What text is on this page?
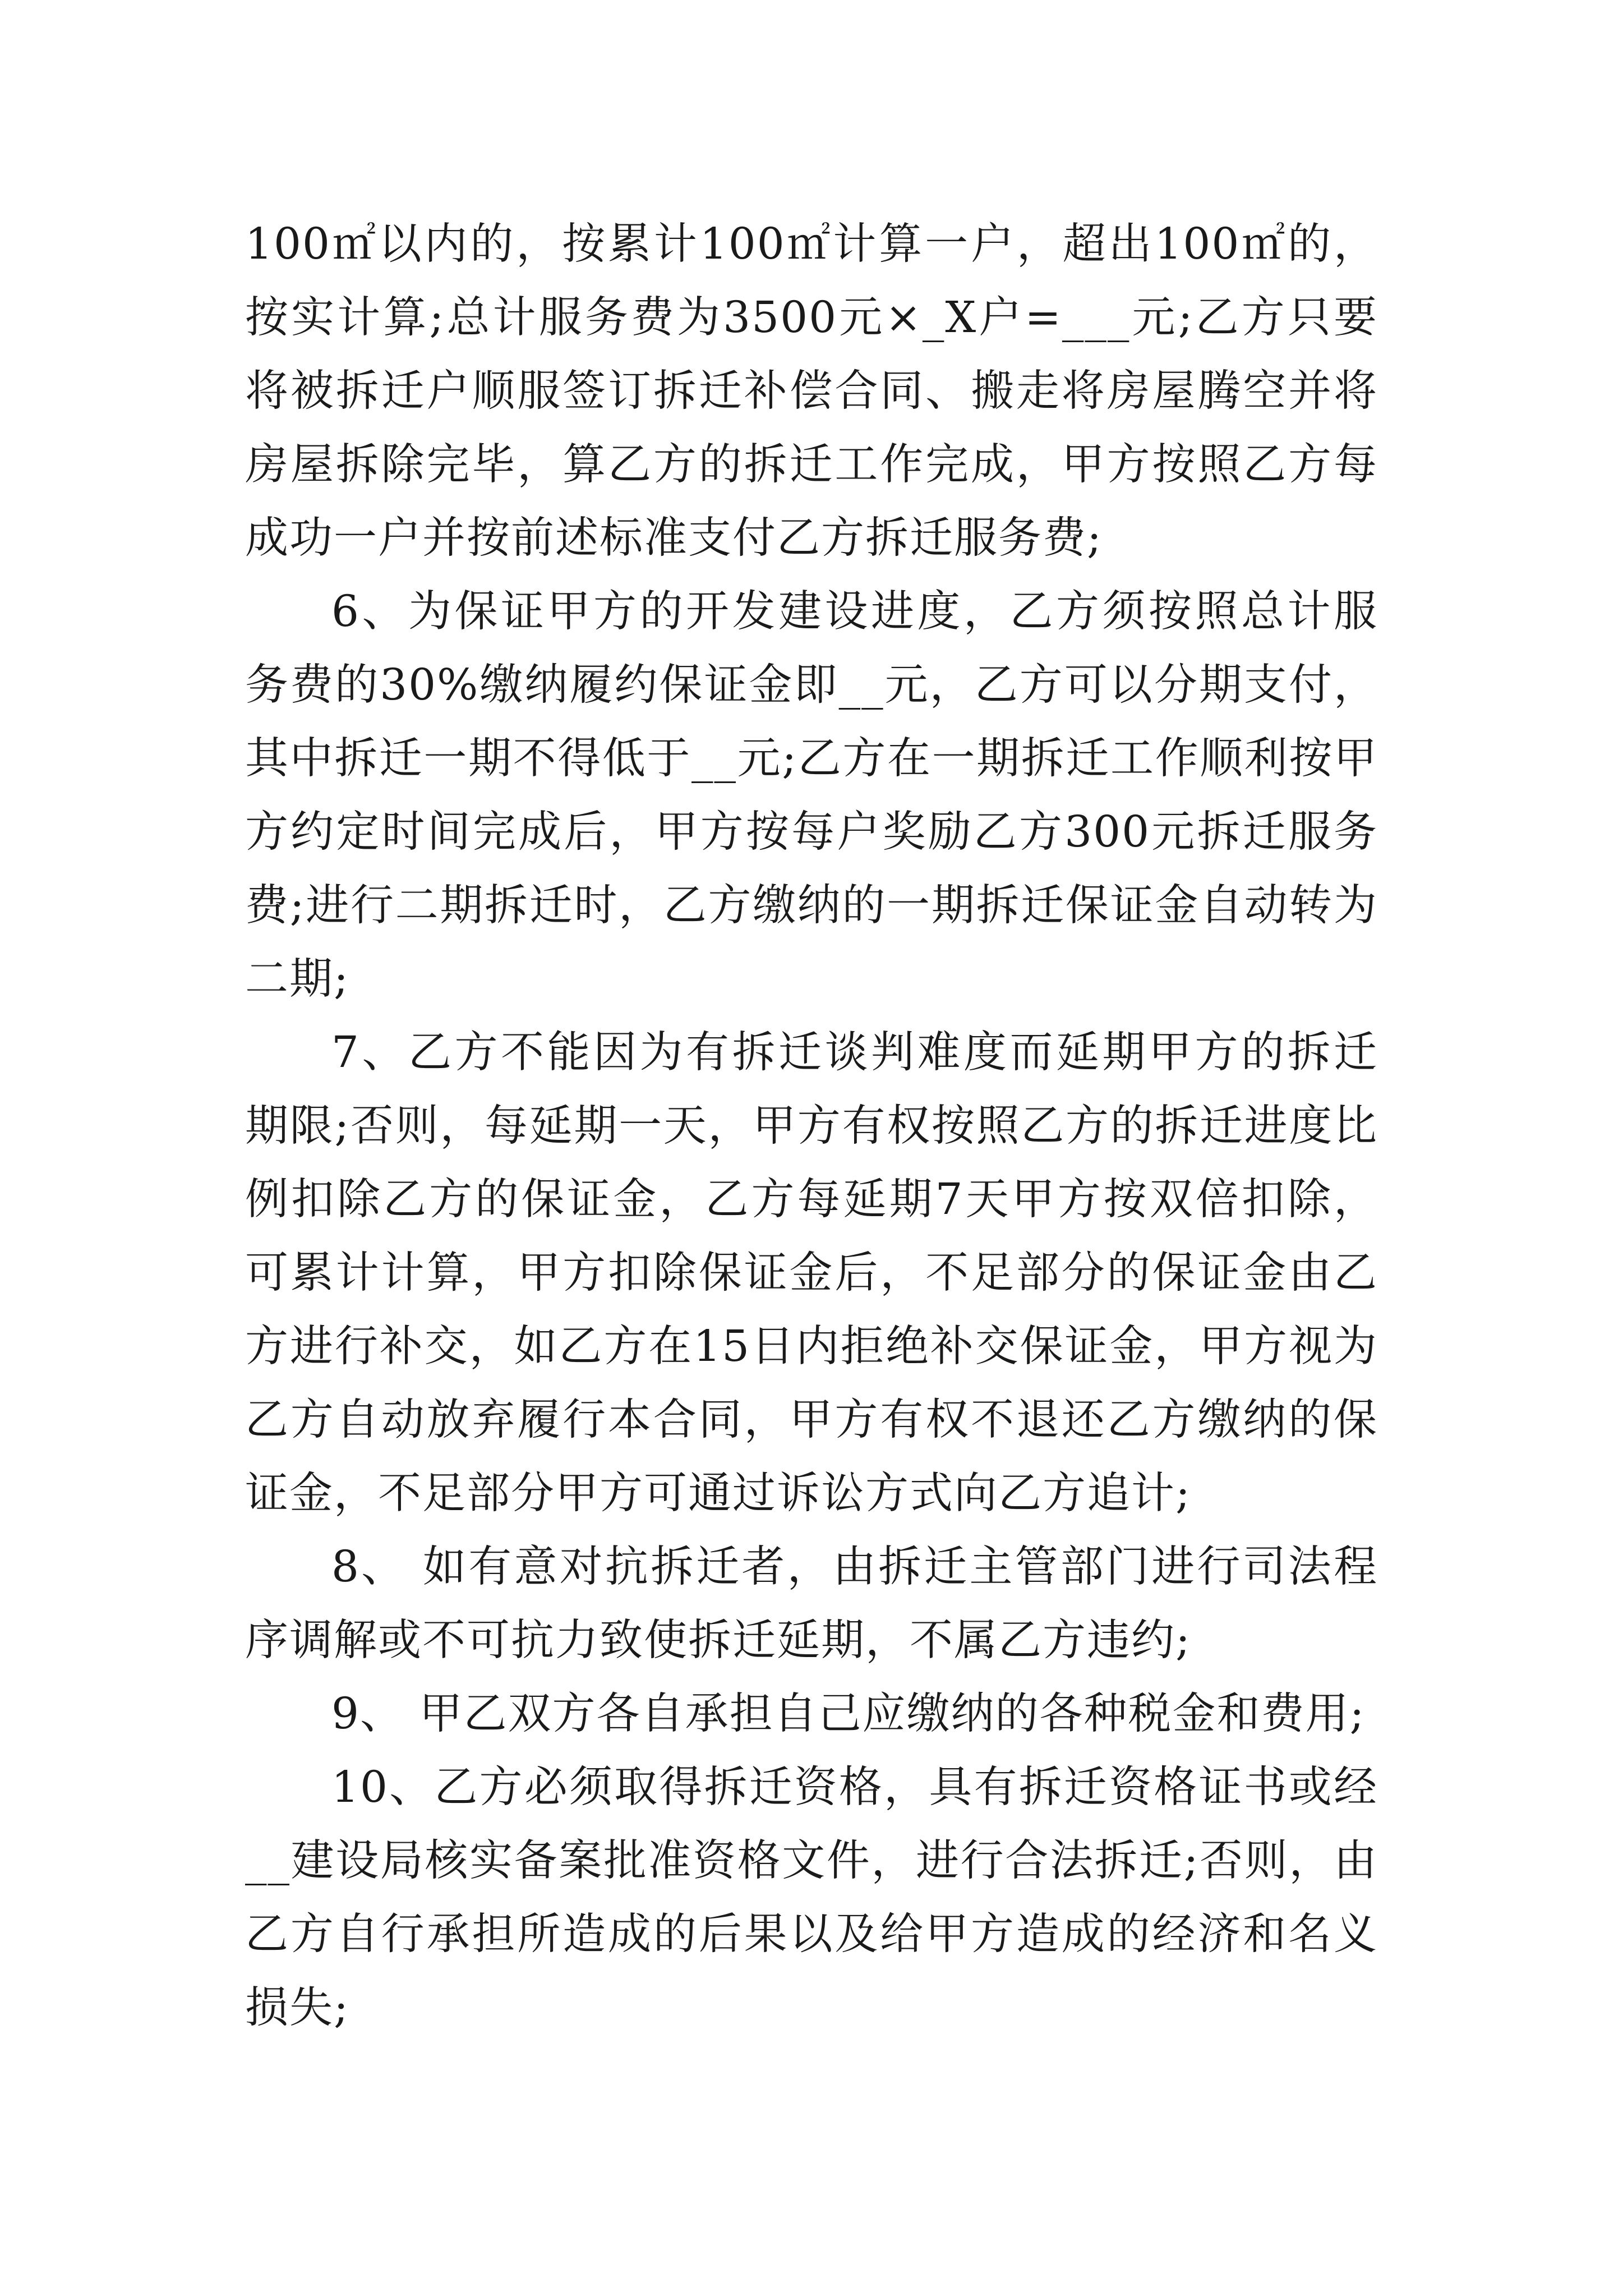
100㎡以内的，按累计100㎡计算一户，超出100㎡的，按实计算;总计服务费为3500元×_X户=___元;乙方只要将被拆迁户顺服签订拆迁补偿合同、搬走将房屋腾空并将房屋拆除完毕，算乙方的拆迁工作完成，甲方按照乙方每成功一户并按前述标准支付乙方拆迁服务费;

6、为保证甲方的开发建设进度，乙方须按照总计服务费的30%缴纳履约保证金即__元，乙方可以分期支付，其中拆迁一期不得低于__元;乙方在一期拆迁工作顺利按甲方约定时间完成后，甲方按每户奖励乙方300元拆迁服务费;进行二期拆迁时，乙方缴纳的一期拆迁保证金自动转为二期;

7、乙方不能因为有拆迁谈判难度而延期甲方的拆迁期限;否则，每延期一天，甲方有权按照乙方的拆迁进度比例扣除乙方的保证金，乙方每延期7天甲方按双倍扣除，可累计计算，甲方扣除保证金后，不足部分的保证金由乙方进行补交，如乙方在15日内拒绝补交保证金，甲方视为乙方自动放弃履行本合同，甲方有权不退还乙方缴纳的保证金，不足部分甲方可通过诉讼方式向乙方追计;

8、 如有意对抗拆迁者，由拆迁主管部门进行司法程序调解或不可抗力致使拆迁延期，不属乙方违约;

9、 甲乙双方各自承担自己应缴纳的各种税金和费用;

10、乙方必须取得拆迁资格，具有拆迁资格证书或经__建设局核实备案批准资格文件，进行合法拆迁;否则，由乙方自行承担所造成的后果以及给甲方造成的经济和名义损失;
